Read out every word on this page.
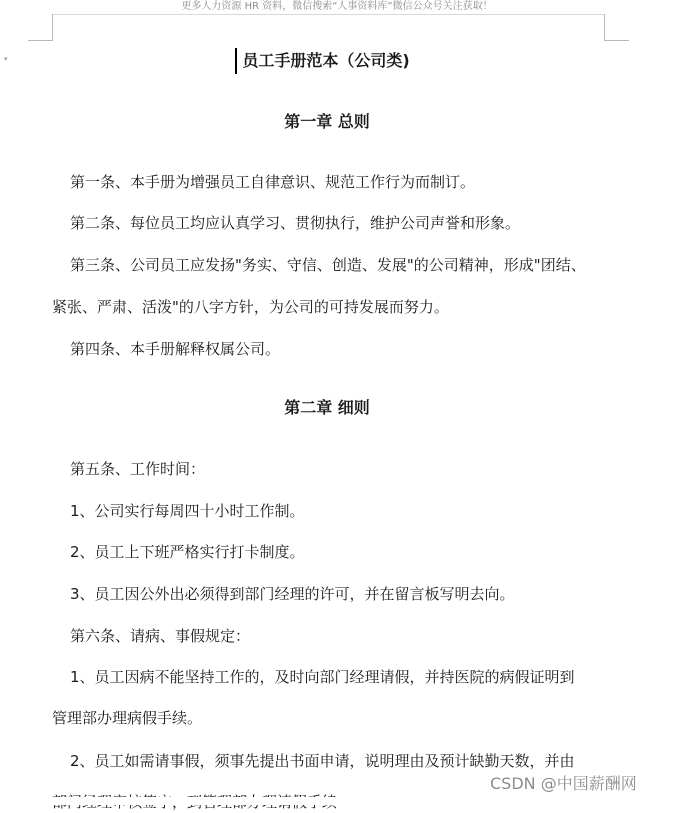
更多人力资源 HR 资料，微信搜索“人事资料库”微信公众号关注获取！
▾	员工手册范本（公司类)
第一章 总则
第一条、本手册为增强员工自律意识、规范工作行为而制订。
第二条、每位员工均应认真学习、贯彻执行，维护公司声誉和形象。
第三条、公司员工应发扬"务实、守信、创造、发展"的公司精神，形成"团结、
紧张、严肃、活泼"的八字方针，为公司的可持发展而努力。
第四条、本手册解释权属公司。
第二章 细则
第五条、工作时间：
1、公司实行每周四十小时工作制。
2、员工上下班严格实行打卡制度。
3、员工因公外出必须得到部门经理的许可，并在留言板写明去向。
第六条、请病、事假规定：
1、员工因病不能坚持工作的，及时向部门经理请假，并持医院的病假证明到
管理部办理病假手续。
2、员工如需请事假，须事先提出书面申请，说明理由及预计缺勤天数，并由
CSDN @中国薪酬网
